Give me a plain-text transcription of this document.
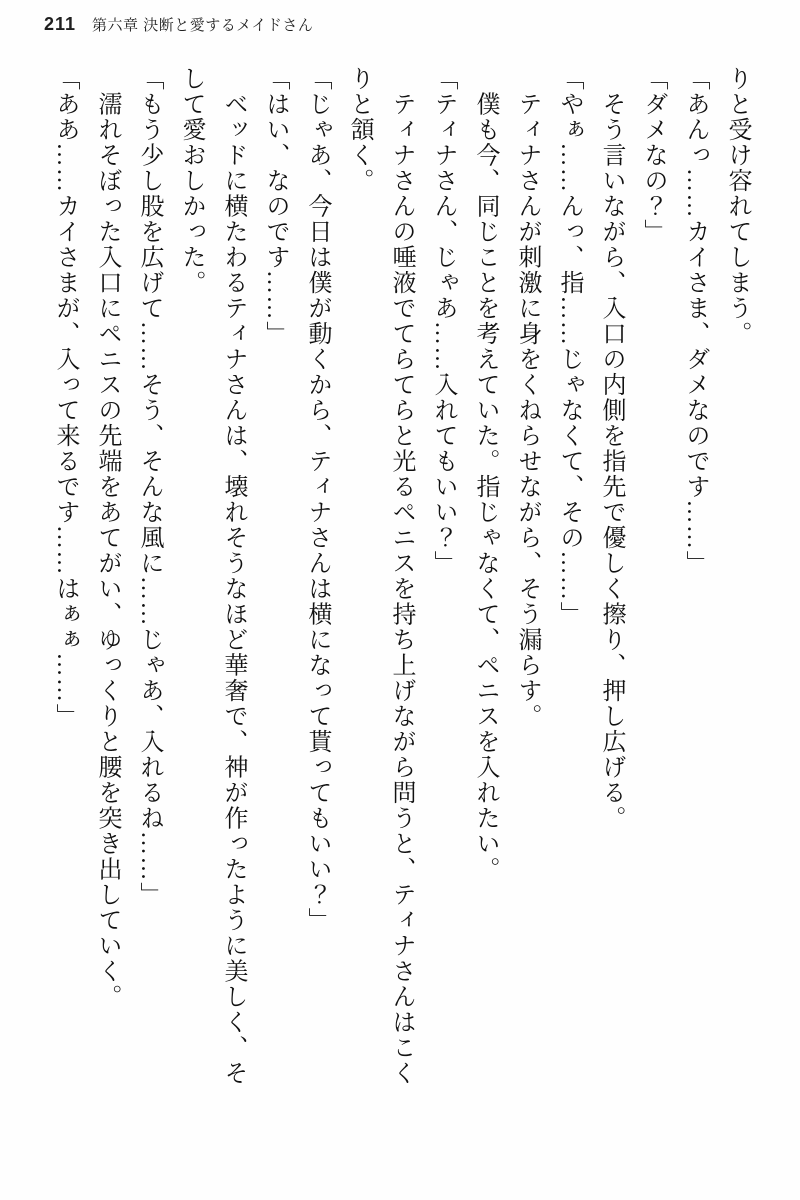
211 第六章 決断と愛するメイドさん

りと受け容れてしまう。

「あんっ……カイさま、ダメなのです……」

「ダメなの？」

　そう言いながら、入口の内側を指先で優しく擦り、押し広げる。

「やぁ……んっ、指……じゃなくて、その……」

　ティナさんが刺激に身をくねらせながら、そう漏らす。

　僕も今、同じことを考えていた。指じゃなくて、ペニスを入れたい。

「ティナさん、じゃあ……入れてもいい？」

　ティナさんの唾液でてらてらと光るペニスを持ち上げながら問うと、ティナさんはこくりと頷く。

「じゃあ、今日は僕が動くから、ティナさんは横になって貰ってもいい？」

「はい、なのです……」

　ベッドに横たわるティナさんは、壊れそうなほど華奢で、神が作ったように美しく、そして愛おしかった。

「もう少し股を広げて……そう、そんな風に……じゃあ、入れるね……」

　濡れそぼった入口にペニスの先端をあてがい、ゆっくりと腰を突き出していく。

「ああ……カイさまが、入って来るです……はぁぁ……」
